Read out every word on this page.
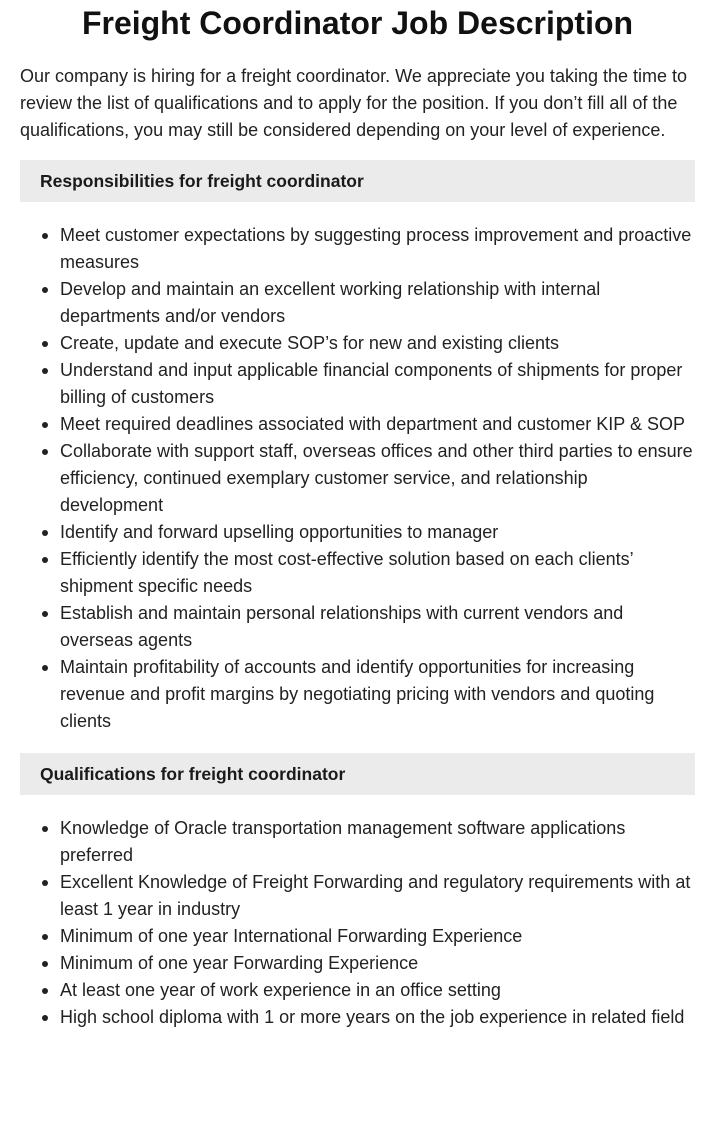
Freight Coordinator Job Description

Our company is hiring for a freight coordinator. We appreciate you taking the time to review the list of qualifications and to apply for the position. If you don’t fill all of the qualifications, you may still be considered depending on your level of experience.

Responsibilities for freight coordinator
Meet customer expectations by suggesting process improvement and proactive measures
Develop and maintain an excellent working relationship with internal departments and/or vendors
Create, update and execute SOP’s for new and existing clients
Understand and input applicable financial components of shipments for proper billing of customers
Meet required deadlines associated with department and customer KIP & SOP
Collaborate with support staff, overseas offices and other third parties to ensure efficiency, continued exemplary customer service, and relationship development
Identify and forward upselling opportunities to manager
Efficiently identify the most cost-effective solution based on each clients’ shipment specific needs
Establish and maintain personal relationships with current vendors and overseas agents
Maintain profitability of accounts and identify opportunities for increasing revenue and profit margins by negotiating pricing with vendors and quoting clients
Qualifications for freight coordinator
Knowledge of Oracle transportation management software applications preferred
Excellent Knowledge of Freight Forwarding and regulatory requirements with at least 1 year in industry
Minimum of one year International Forwarding Experience
Minimum of one year Forwarding Experience
At least one year of work experience in an office setting
High school diploma with 1 or more years on the job experience in related field
